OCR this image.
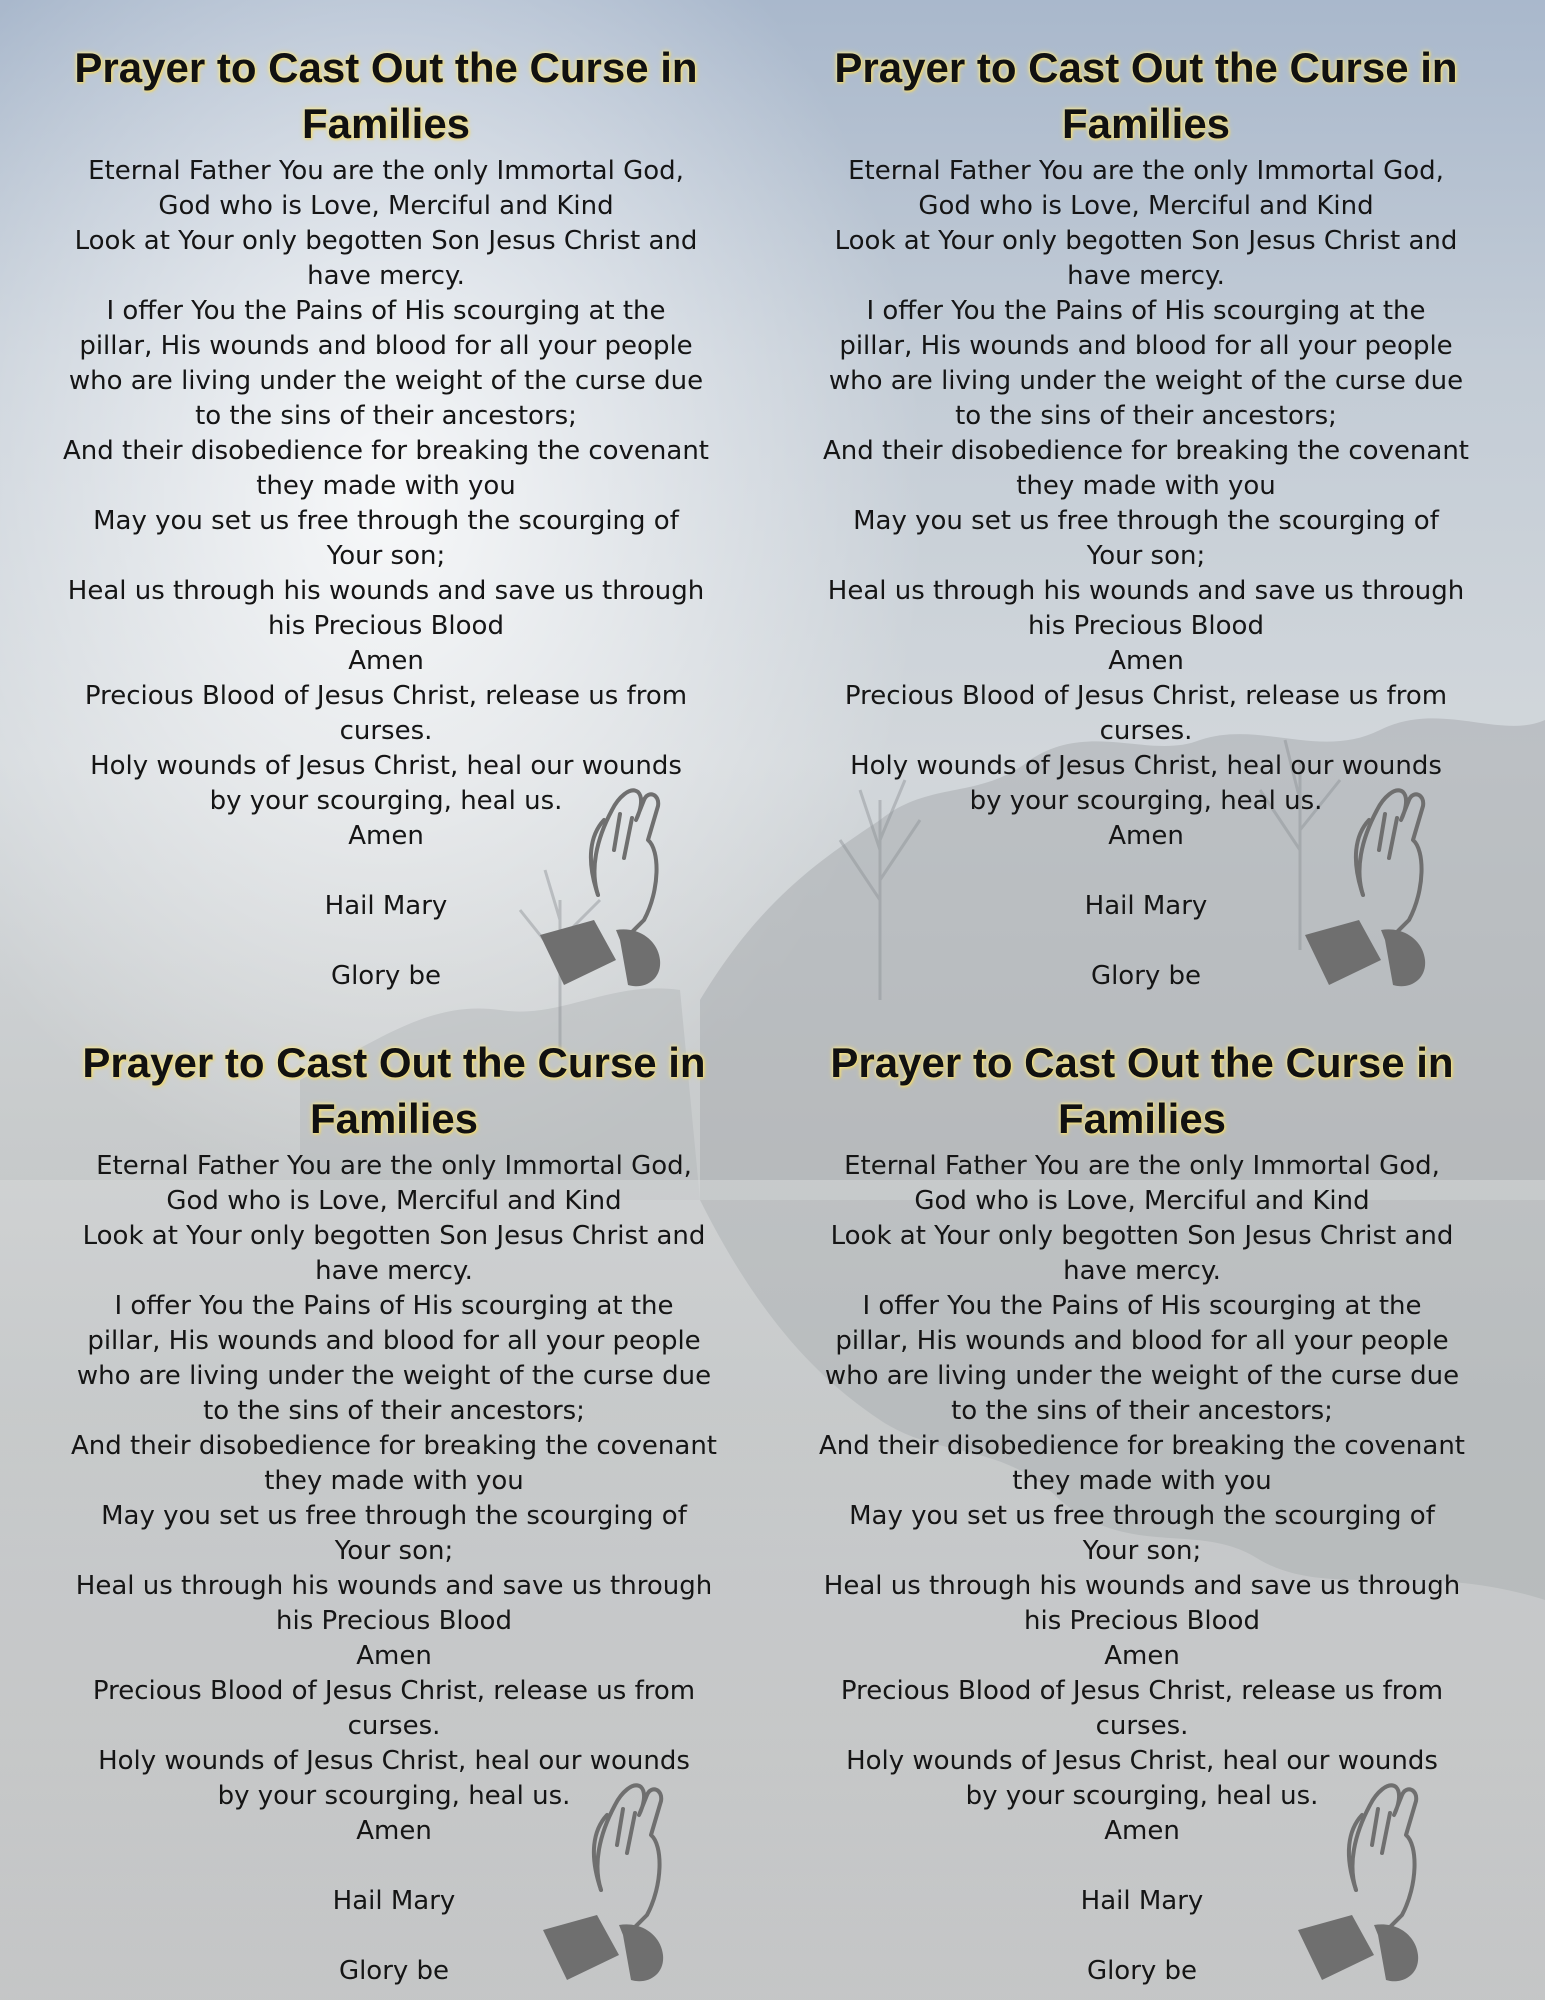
Prayer to Cast Out the Curse in Families
Eternal Father You are the only Immortal God,
God who is Love, Merciful and Kind
Look at Your only begotten Son Jesus Christ and
have mercy.
I offer You the Pains of His scourging at the
pillar, His wounds and blood for all your people
who are living under the weight of the curse due
to the sins of their ancestors;
And their disobedience for breaking the covenant
they made with you
May you set us free through the scourging of
Your son;
Heal us through his wounds and save us through
his Precious Blood
Amen
Precious Blood of Jesus Christ, release us from
curses.
Holy wounds of Jesus Christ, heal our wounds
by your scourging, heal us.
Amen
Hail Mary
Glory be
Prayer to Cast Out the Curse in Families
Eternal Father You are the only Immortal God,
God who is Love, Merciful and Kind
Look at Your only begotten Son Jesus Christ and
have mercy.
I offer You the Pains of His scourging at the
pillar, His wounds and blood for all your people
who are living under the weight of the curse due
to the sins of their ancestors;
And their disobedience for breaking the covenant
they made with you
May you set us free through the scourging of
Your son;
Heal us through his wounds and save us through
his Precious Blood
Amen
Precious Blood of Jesus Christ, release us from
curses.
Holy wounds of Jesus Christ, heal our wounds
by your scourging, heal us.
Amen
Hail Mary
Glory be
Prayer to Cast Out the Curse in Families
Eternal Father You are the only Immortal God,
God who is Love, Merciful and Kind
Look at Your only begotten Son Jesus Christ and
have mercy.
I offer You the Pains of His scourging at the
pillar, His wounds and blood for all your people
who are living under the weight of the curse due
to the sins of their ancestors;
And their disobedience for breaking the covenant
they made with you
May you set us free through the scourging of
Your son;
Heal us through his wounds and save us through
his Precious Blood
Amen
Precious Blood of Jesus Christ, release us from
curses.
Holy wounds of Jesus Christ, heal our wounds
by your scourging, heal us.
Amen
Hail Mary
Glory be
Prayer to Cast Out the Curse in Families
Eternal Father You are the only Immortal God,
God who is Love, Merciful and Kind
Look at Your only begotten Son Jesus Christ and
have mercy.
I offer You the Pains of His scourging at the
pillar, His wounds and blood for all your people
who are living under the weight of the curse due
to the sins of their ancestors;
And their disobedience for breaking the covenant
they made with you
May you set us free through the scourging of
Your son;
Heal us through his wounds and save us through
his Precious Blood
Amen
Precious Blood of Jesus Christ, release us from
curses.
Holy wounds of Jesus Christ, heal our wounds
by your scourging, heal us.
Amen
Hail Mary
Glory be
